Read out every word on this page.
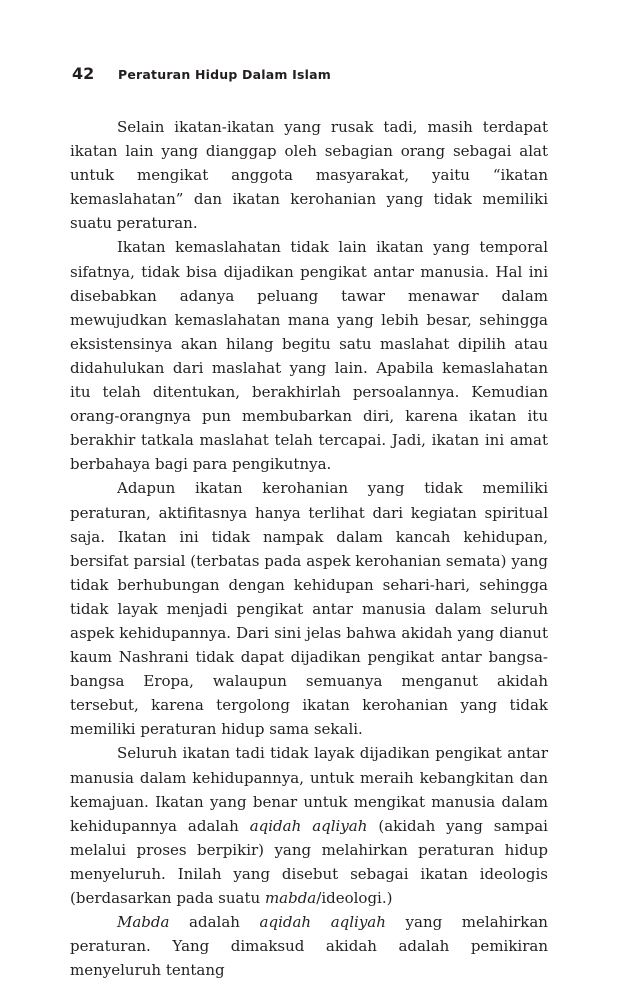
42	Peraturan Hidup Dalam Islam

Selain ikatan-ikatan yang rusak tadi, masih terdapat ikatan lain yang dianggap oleh sebagian orang sebagai alat untuk mengikat anggota masyarakat, yaitu “ikatan kemaslahatan” dan ikatan kerohanian yang tidak memiliki suatu peraturan.

Ikatan kemaslahatan tidak lain ikatan yang temporal sifatnya, tidak bisa dijadikan pengikat antar manusia. Hal ini disebabkan adanya peluang tawar menawar dalam mewujudkan kemaslahatan mana yang lebih besar, sehingga eksistensinya akan hilang begitu satu maslahat dipilih atau didahulukan dari maslahat yang lain. Apabila kemaslahatan itu telah ditentukan, berakhirlah persoalannya. Kemudian orang-orangnya pun membubarkan diri, karena ikatan itu berakhir tatkala maslahat telah tercapai. Jadi, ikatan ini amat berbahaya bagi para pengikutnya.

Adapun ikatan kerohanian yang tidak memiliki peraturan, aktifitasnya hanya terlihat dari kegiatan spiritual saja. Ikatan ini tidak nampak dalam kancah kehidupan, bersifat parsial (terbatas pada aspek kerohanian semata) yang tidak berhubungan dengan kehidupan sehari-hari, sehingga tidak layak menjadi pengikat antar manusia dalam seluruh aspek kehidupannya. Dari sini jelas bahwa akidah yang dianut kaum Nashrani tidak dapat dijadikan pengikat antar bangsa-bangsa Eropa, walaupun semuanya menganut akidah tersebut, karena tergolong ikatan kerohanian yang tidak memiliki peraturan hidup sama sekali.

Seluruh ikatan tadi tidak layak dijadikan pengikat antar manusia dalam kehidupannya, untuk meraih kebangkitan dan kemajuan. Ikatan yang benar untuk mengikat manusia dalam kehidupannya adalah aqidah aqliyah (akidah yang sampai melalui proses berpikir) yang melahirkan peraturan hidup menyeluruh. Inilah yang disebut sebagai ikatan ideologis (berdasarkan pada suatu mabda/ideologi.)

Mabda adalah aqidah aqliyah yang melahirkan peraturan. Yang dimaksud akidah adalah pemikiran menyeluruh tentang
